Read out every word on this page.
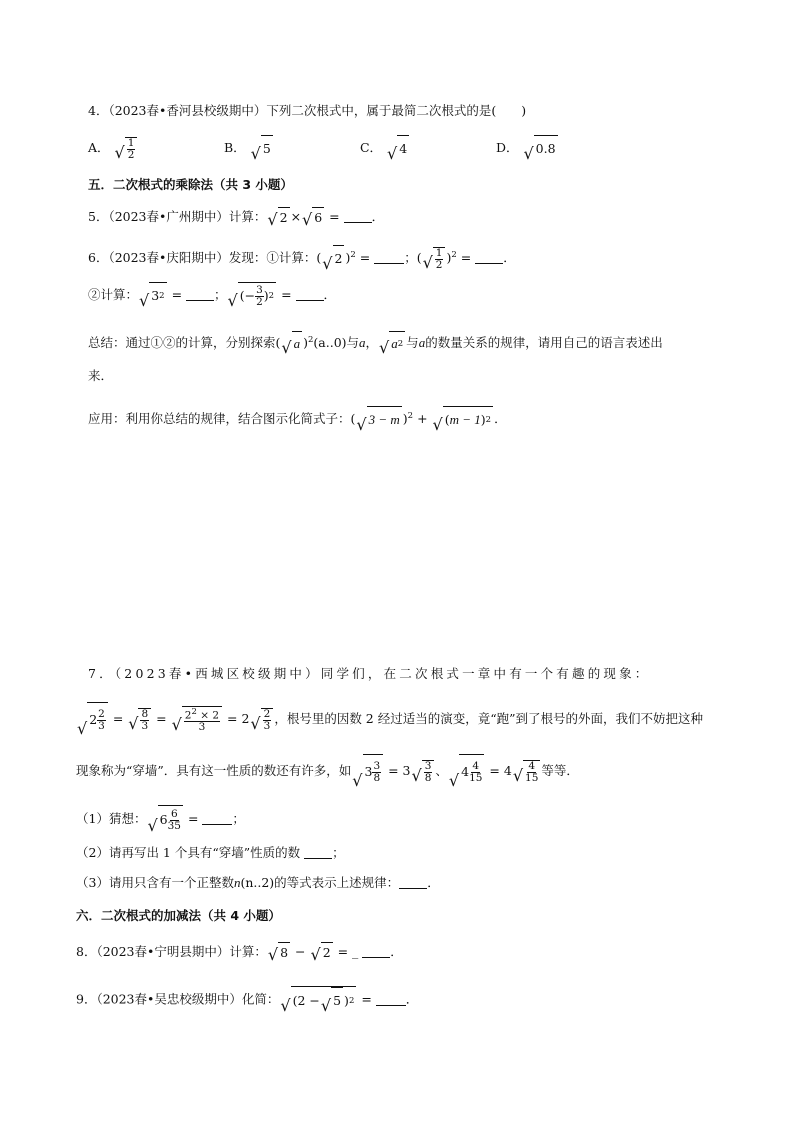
4．（2023春•香河县校级期中）下列二次根式中，属于最简二次根式的是(　　)
A． √ $\frac{1}{2}$	B． √ 5	C． √ 4	D． √ 0.8
五．二次根式的乘除法（共 3 小题）
5．（2023春•广州期中）计算： √ 2 × √ 6 = ．
6．（2023春•庆阳期中）发现：①计算：( √ 2 )$^2$ = ；( √ $\frac{1}{2} )^2$ = ．
②计算： √ 3 2 = ； √ (− $\frac{3}{2}$ ) 2 = ．
总结：通过①②的计算，分别探索( √ a )$^2$(a..0)与a， √ a 2 与a的数量关系的规律，请用自己的语言表述出
来．
应用：利用你总结的规律，结合图示化简式子：( √ 3 − m )$^2$ + √ ( m − 1 ) 2 ．
7．（2023春•西城区校级期中）同学们，在二次根式一章中有一个有趣的现象：
√ $2 \frac{2}{3}$ = √ $\frac{8}{3}$ = √ $\frac{2^2 \times 2}{3} = 2$ √ $\frac{2}{3}$ ，根号里的因数 2 经过适当的演变，竟“跑”到了根号的外面，我们不妨把这种
现象称为“穿墙”．具有这一性质的数还有许多，如
√ $3 \frac{3}{8} = 3$ √ $\frac{3}{8}$ 、
√ $4 \frac{4}{15} = 4$ √ $\frac{4}{15}$ 等等．
（1）猜想： √ $6 \frac{6}{35}$ = ；
（2）请再写出 1 个具有“穿墙”性质的数 ；
（3）请用只含有一个正整数n(n..2)的等式表示上述规律： ．
六．二次根式的加减法（共 4 小题）
8．（2023春•宁明县期中）计算： √ 8 − √ 2 = _ ．
9．（2023春•吴忠校级期中）化简： √ (2 − √ 5 ) 2 = ．
